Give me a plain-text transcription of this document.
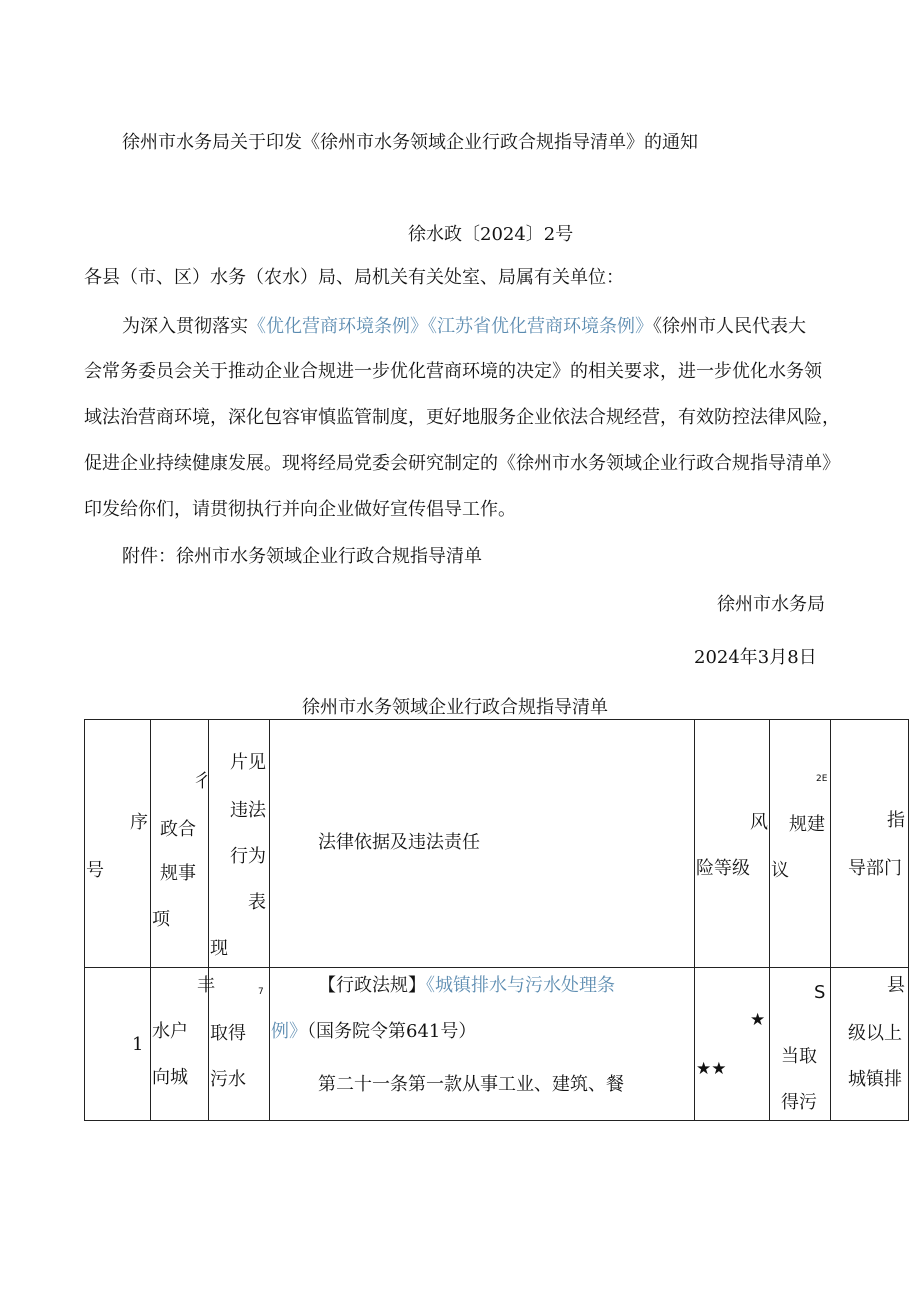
徐州市水务局关于印发《徐州市水务领域企业行政合规指导清单》的通知
徐水政〔2024〕2号
各县（市、区）水务（农水）局、局机关有关处室、局属有关单位：
为深入贯彻落实《优化营商环境条例》《江苏省优化营商环境条例》《徐州市人民代表大
会常务委员会关于推动企业合规进一步优化营商环境的决定》的相关要求，进一步优化水务领
域法治营商环境，深化包容审慎监管制度，更好地服务企业依法合规经营，有效防控法律风险，
促进企业持续健康发展。现将经局党委会研究制定的《徐州市水务领域企业行政合规指导清单》
印发给你们，请贯彻执行并向企业做好宣传倡导工作。
附件：徐州市水务领域企业行政合规指导清单
徐州市水务局
2024年3月8日
徐州市水务领域企业行政合规指导清单
序
号
彳
政合
规事
项
片见
违法
行为
表
现
法律依据及违法责任
风
险等级
2E
规建
议
指
导部门
1
丰
水户
向城
7
取得
污水
【行政法规】《城镇排水与污水处理条
例》（国务院令第641号）
第二十一条第一款从事工业、建筑、餐
★
★★
S
当取
得污
县
级以上
城镇排
